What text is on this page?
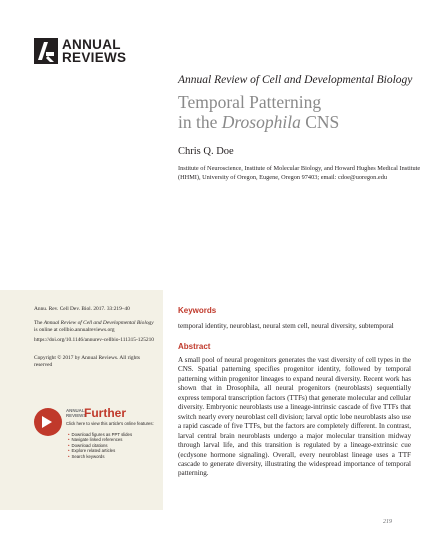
ANNUAL
REVIEWS
Annual Review of Cell and Developmental Biology
Temporal Patterning
in the Drosophila CNS
Chris Q. Doe
Institute of Neuroscience, Institute of Molecular Biology, and Howard Hughes Medical Institute (HHMI), University of Oregon, Eugene, Oregon 97403; email: cdoe@uoregon.edu
Annu. Rev. Cell Dev. Biol. 2017. 33:219–40
The Annual Review of Cell and Developmental Biology is online at cellbio.annualreviews.org
https://doi.org/10.1146/annurev-cellbio-111315-125210
Copyright © 2017 by Annual Reviews. All rights reserved
ANNUAL
REVIEWS
Further
Click here to view this article's online features:
• Download figures as PPT slides
• Navigate linked references
• Download citations
• Explore related articles
• Search keywords
Keywords
temporal identity, neuroblast, neural stem cell, neural diversity, subtemporal
Abstract
A small pool of neural progenitors generates the vast diversity of cell types in the CNS. Spatial patterning specifies progenitor identity, followed by temporal patterning within progenitor lineages to expand neural diversity. Recent work has shown that in Drosophila, all neural progenitors (neuroblasts) sequentially express temporal transcription factors (TTFs) that generate molecular and cellular diversity. Embryonic neuroblasts use a lineage-intrinsic cascade of five TTFs that switch nearly every neuroblast cell division; larval optic lobe neuroblasts also use a rapid cascade of five TTFs, but the factors are completely different. In contrast, larval central brain neuroblasts undergo a major molecular transition midway through larval life, and this transition is regulated by a lineage-extrinsic cue (ecdysone hormone signaling). Overall, every neuroblast lineage uses a TTF cascade to generate diversity, illustrating the widespread importance of temporal patterning.
219
